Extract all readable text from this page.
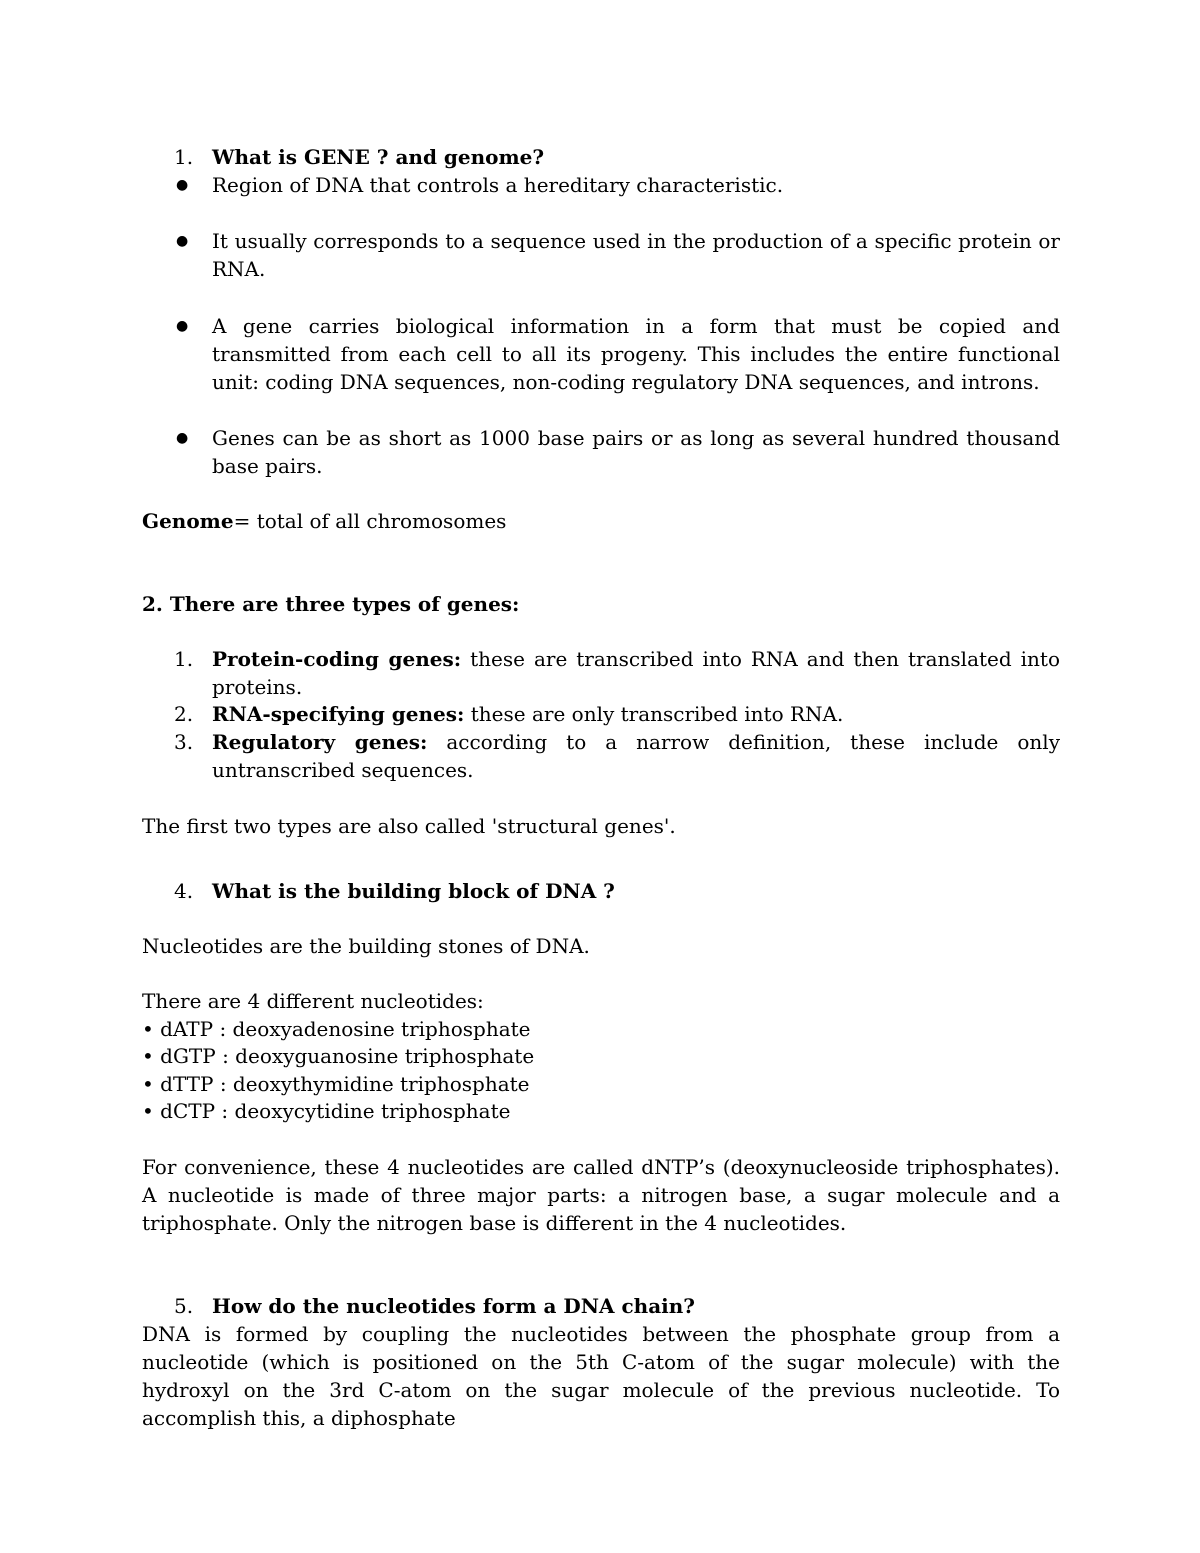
1. What is GENE ? and genome?
● Region of DNA that controls a hereditary characteristic.
● It usually corresponds to a sequence used in the production of a specific protein or RNA.
● A gene carries biological information in a form that must be copied and transmitted from each cell to all its progeny. This includes the entire functional unit: coding DNA sequences, non-coding regulatory DNA sequences, and introns.
● Genes can be as short as 1000 base pairs or as long as several hundred thousand base pairs.
Genome= total of all chromosomes
2. There are three types of genes:
1. Protein-coding genes: these are transcribed into RNA and then translated into proteins.
2. RNA-specifying genes: these are only transcribed into RNA.
3. Regulatory genes: according to a narrow definition, these include only untranscribed sequences.
The first two types are also called 'structural genes'.
4. What is the building block of DNA ?
Nucleotides are the building stones of DNA.
There are 4 different nucleotides:
• dATP : deoxyadenosine triphosphate
• dGTP : deoxyguanosine triphosphate
• dTTP : deoxythymidine triphosphate
• dCTP : deoxycytidine triphosphate
For convenience, these 4 nucleotides are called dNTP’s (deoxynucleoside triphosphates). A nucleotide is made of three major parts: a nitrogen base, a sugar molecule and a triphosphate. Only the nitrogen base is different in the 4 nucleotides.
5. How do the nucleotides form a DNA chain?
DNA is formed by coupling the nucleotides between the phosphate group from a nucleotide (which is positioned on the 5th C-atom of the sugar molecule) with the hydroxyl on the 3rd C-atom on the sugar molecule of the previous nucleotide. To accomplish this, a diphosphate
